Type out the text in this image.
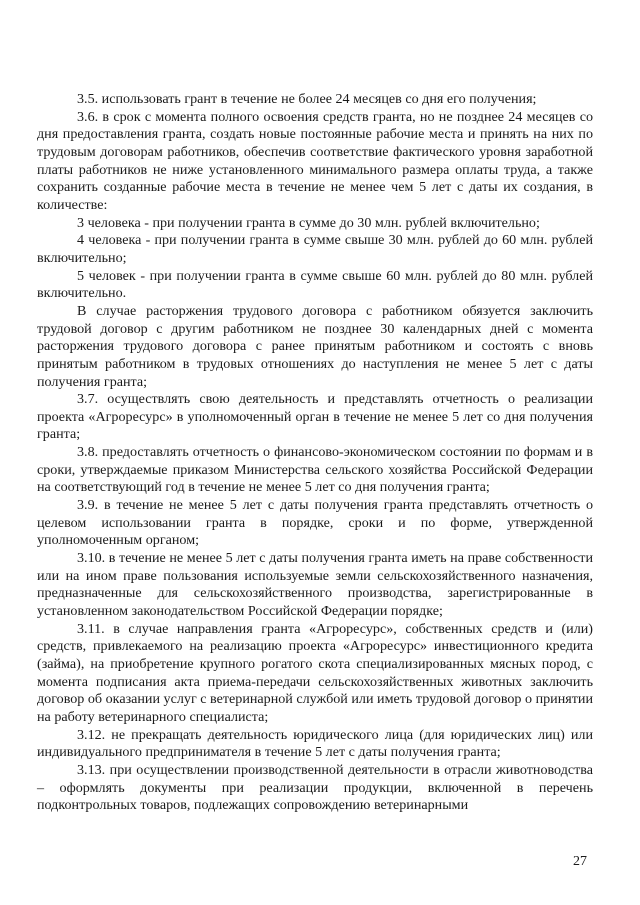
3.5. использовать грант в течение не более 24 месяцев со дня его получения;

3.6. в срок с момента полного освоения средств гранта, но не позднее 24 месяцев со дня предоставления гранта, создать новые постоянные рабочие места и принять на них по трудовым договорам работников, обеспечив соответствие фактического уровня заработной платы работников не ниже установленного минимального размера оплаты труда, а также сохранить созданные рабочие места в течение не менее чем 5 лет с даты их создания, в количестве:

3 человека - при получении гранта в сумме до 30 млн. рублей включительно;

4 человека - при получении гранта в сумме свыше 30 млн. рублей до 60 млн. рублей включительно;

5 человек - при получении гранта в сумме свыше 60 млн. рублей до 80 млн. рублей включительно.

В случае расторжения трудового договора с работником обязуется заключить трудовой договор с другим работником не позднее 30 календарных дней с момента расторжения трудового договора с ранее принятым работником и состоять с вновь принятым работником в трудовых отношениях до наступления не менее 5 лет с даты получения гранта;

3.7. осуществлять свою деятельность и представлять отчетность о реализации проекта «Агроресурс» в уполномоченный орган в течение не менее 5 лет со дня получения гранта;

3.8. предоставлять отчетность о финансово-экономическом состоянии по формам и в сроки, утверждаемые приказом Министерства сельского хозяйства Российской Федерации на соответствующий год в течение не менее 5 лет со дня получения гранта;

3.9. в течение не менее 5 лет с даты получения гранта представлять отчетность о целевом использовании гранта в порядке, сроки и по форме, утвержденной уполномоченным органом;

3.10. в течение не менее 5 лет с даты получения гранта иметь на праве собственности или на ином праве пользования используемые земли сельскохозяйственного назначения, предназначенные для сельскохозяйственного производства, зарегистрированные в установленном законодательством Российской Федерации порядке;

3.11. в случае направления гранта «Агроресурс», собственных средств и (или) средств, привлекаемого на реализацию проекта «Агроресурс» инвестиционного кредита (займа), на приобретение крупного рогатого скота специализированных мясных пород, с момента подписания акта приема-передачи сельскохозяйственных животных заключить договор об оказании услуг с ветеринарной службой или иметь трудовой договор о принятии на работу ветеринарного специалиста;

3.12. не прекращать деятельность юридического лица (для юридических лиц) или индивидуального предпринимателя в течение 5 лет с даты получения гранта;

3.13. при осуществлении производственной деятельности в отрасли животноводства – оформлять документы при реализации продукции, включенной в перечень подконтрольных товаров, подлежащих сопровождению ветеринарными

27
